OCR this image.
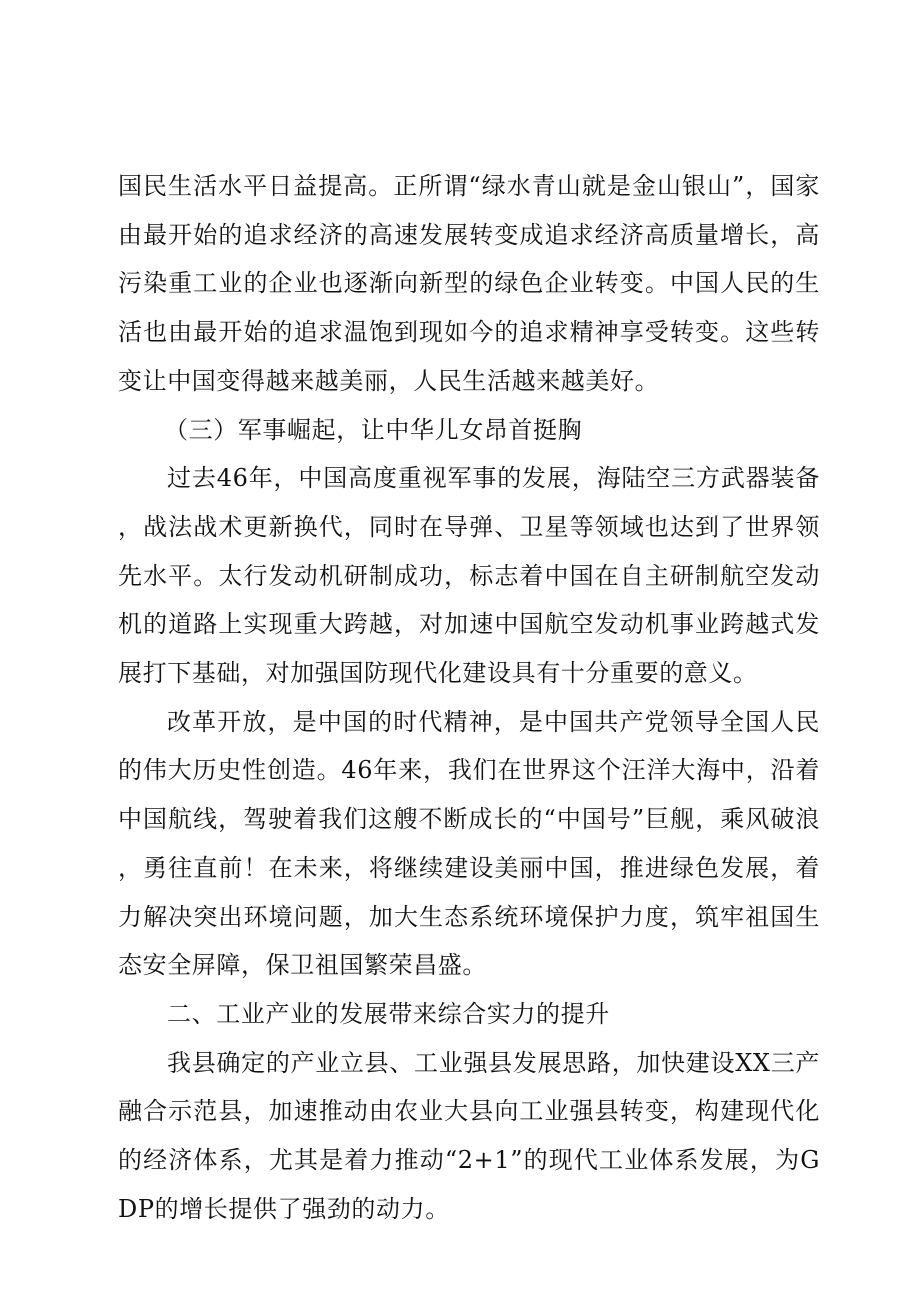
国民生活水平日益提高。正所谓“绿水青山就是金山银山”，国家由最开始的追求经济的高速发展转变成追求经济高质量增长，高污染重工业的企业也逐渐向新型的绿色企业转变。中国人民的生活也由最开始的追求温饱到现如今的追求精神享受转变。这些转变让中国变得越来越美丽，人民生活越来越美好。

（三）军事崛起，让中华儿女昂首挺胸

过去46年，中国高度重视军事的发展，海陆空三方武器装备，战法战术更新换代，同时在导弹、卫星等领域也达到了世界领先水平。太行发动机研制成功，标志着中国在自主研制航空发动机的道路上实现重大跨越，对加速中国航空发动机事业跨越式发展打下基础，对加强国防现代化建设具有十分重要的意义。

改革开放，是中国的时代精神，是中国共产党领导全国人民的伟大历史性创造。46年来，我们在世界这个汪洋大海中，沿着中国航线，驾驶着我们这艘不断成长的“中国号”巨舰，乘风破浪，勇往直前！在未来，将继续建设美丽中国，推进绿色发展，着力解决突出环境问题，加大生态系统环境保护力度，筑牢祖国生态安全屏障，保卫祖国繁荣昌盛。

二、工业产业的发展带来综合实力的提升

我县确定的产业立县、工业强县发展思路，加快建设XX三产融合示范县，加速推动由农业大县向工业强县转变，构建现代化的经济体系，尤其是着力推动“2+1”的现代工业体系发展，为GDP的增长提供了强劲的动力。
